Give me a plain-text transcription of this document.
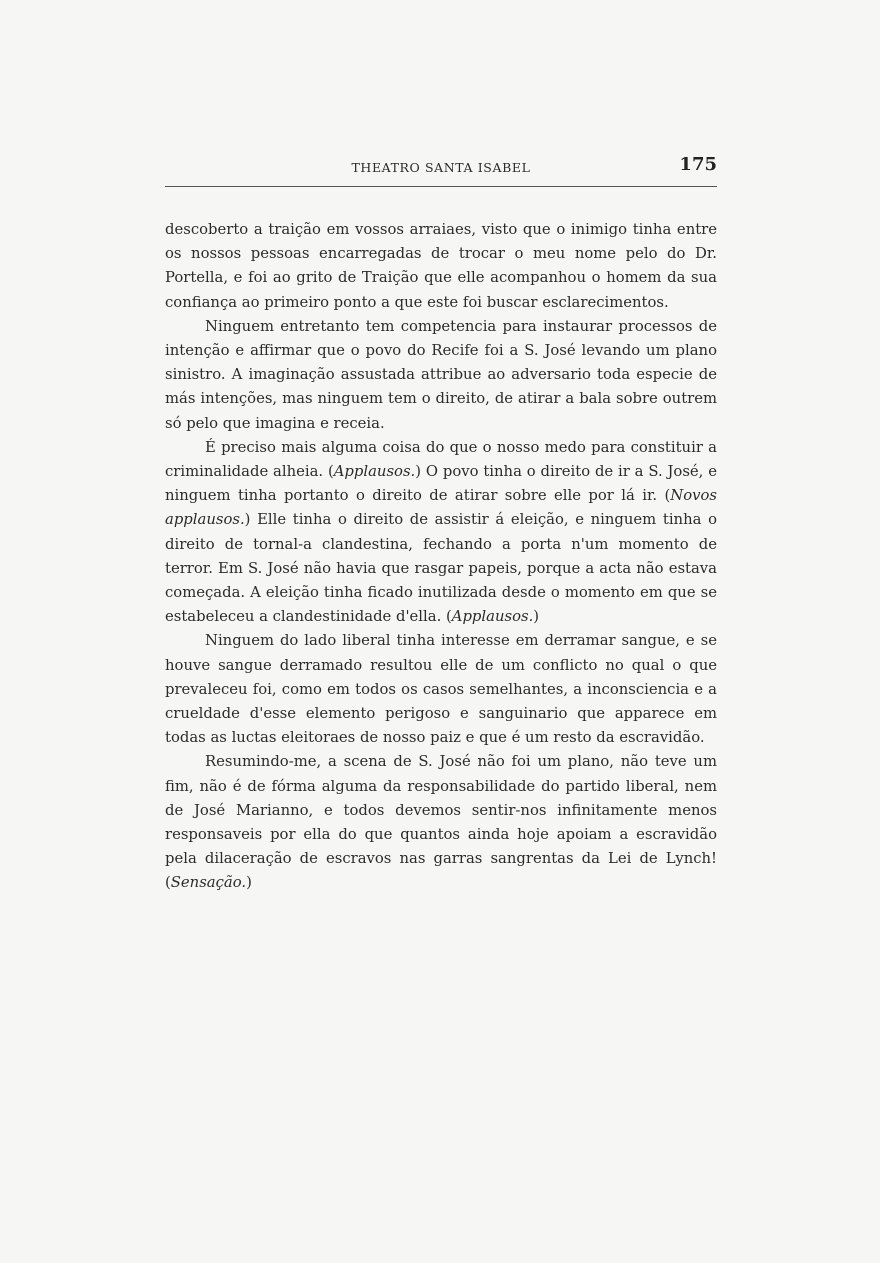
THEATRO SANTA ISABEL	175

descoberto a traição em vossos arraiaes, visto que o inimigo tinha entre os nossos pessoas encarregadas de trocar o meu nome pelo do Dr. Portella, e foi ao grito de Traição que elle acompanhou o homem da sua confiança ao primeiro ponto a que este foi buscar esclarecimentos.

Ninguem entretanto tem competencia para instaurar processos de intenção e affirmar que o povo do Recife foi a S. José levando um plano sinistro. A imaginação assustada attribue ao adversario toda especie de más intenções, mas ninguem tem o direito, de atirar a bala sobre outrem só pelo que imagina e receia.

É preciso mais alguma coisa do que o nosso medo para constituir a criminalidade alheia. (Applausos.) O povo tinha o direito de ir a S. José, e ninguem tinha portanto o direito de atirar sobre elle por lá ir. (Novos applausos.) Elle tinha o direito de assistir á eleição, e ninguem tinha o direito de tornal-a clandestina, fechando a porta n'um momento de terror. Em S. José não havia que rasgar papeis, porque a acta não estava começada. A eleição tinha ficado inutilizada desde o momento em que se estabeleceu a clandestinidade d'ella. (Applausos.)

Ninguem do lado liberal tinha interesse em derramar sangue, e se houve sangue derramado resultou elle de um conflicto no qual o que prevaleceu foi, como em todos os casos semelhantes, a inconsciencia e a crueldade d'esse elemento perigoso e sanguinario que apparece em todas as luctas eleitoraes de nosso paiz e que é um resto da escravidão.

Resumindo-me, a scena de S. José não foi um plano, não teve um fim, não é de fórma alguma da responsabilidade do partido liberal, nem de José Marianno, e todos devemos sentir-nos infinitamente menos responsaveis por ella do que quantos ainda hoje apoiam a escravidão pela dilaceração de escravos nas garras sangrentas da Lei de Lynch! (Sensação.)
